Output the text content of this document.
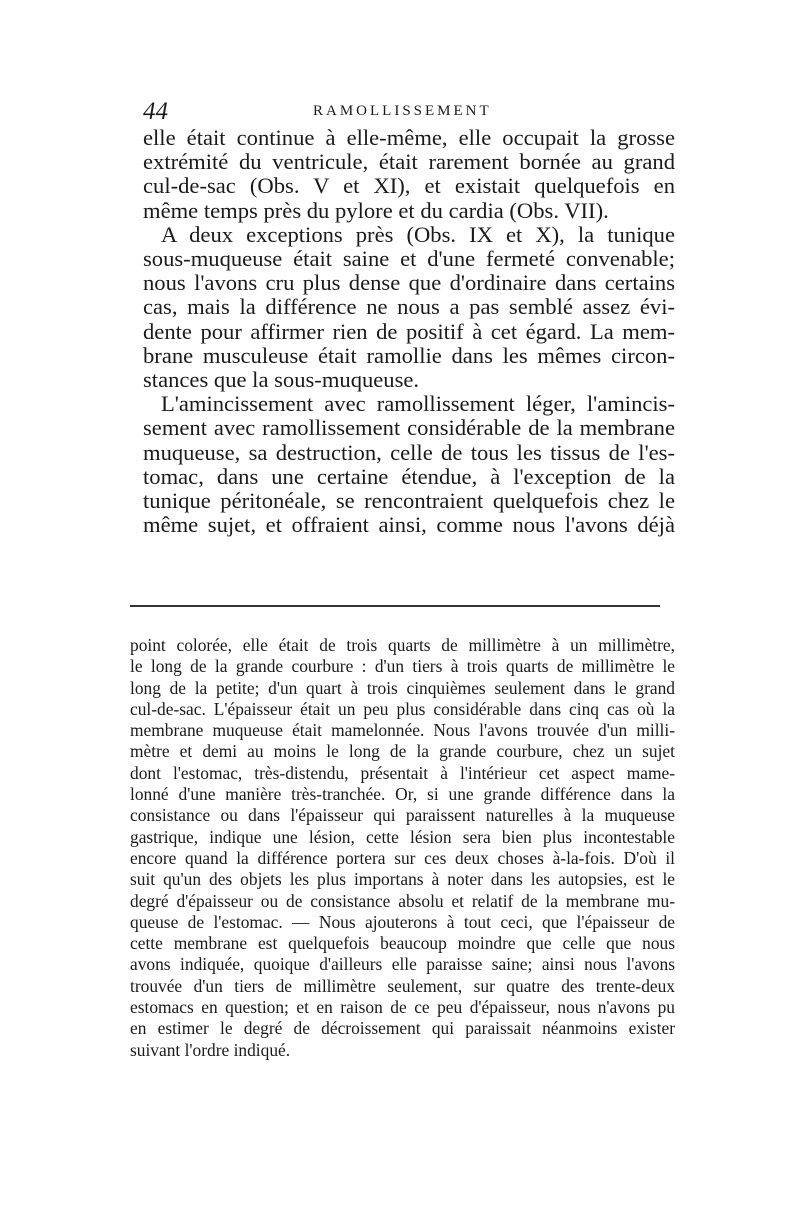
44	RAMOLLISSEMENT
elle était continue à elle-même, elle occupait la grosse
extrémité du ventricule, était rarement bornée au grand
cul-de-sac (Obs. V et XI), et existait quelquefois en
même temps près du pylore et du cardia (Obs. VII).
A deux exceptions près (Obs. IX et X), la tunique
sous-muqueuse était saine et d'une fermeté convenable;
nous l'avons cru plus dense que d'ordinaire dans certains
cas, mais la différence ne nous a pas semblé assez évi-
dente pour affirmer rien de positif à cet égard. La mem-
brane musculeuse était ramollie dans les mêmes circon-
stances que la sous-muqueuse.
L'amincissement avec ramollissement léger, l'amincis-
sement avec ramollissement considérable de la membrane
muqueuse, sa destruction, celle de tous les tissus de l'es-
tomac, dans une certaine étendue, à l'exception de la
tunique péritonéale, se rencontraient quelquefois chez le
même sujet, et offraient ainsi, comme nous l'avons déjà
point colorée, elle était de trois quarts de millimètre à un millimètre,
le long de la grande courbure : d'un tiers à trois quarts de millimètre le
long de la petite; d'un quart à trois cinquièmes seulement dans le grand
cul-de-sac. L'épaisseur était un peu plus considérable dans cinq cas où la
membrane muqueuse était mamelonnée. Nous l'avons trouvée d'un milli-
mètre et demi au moins le long de la grande courbure, chez un sujet
dont l'estomac, très-distendu, présentait à l'intérieur cet aspect mame-
lonné d'une manière très-tranchée. Or, si une grande différence dans la
consistance ou dans l'épaisseur qui paraissent naturelles à la muqueuse
gastrique, indique une lésion, cette lésion sera bien plus incontestable
encore quand la différence portera sur ces deux choses à-la-fois. D'où il
suit qu'un des objets les plus importans à noter dans les autopsies, est le
degré d'épaisseur ou de consistance absolu et relatif de la membrane mu-
queuse de l'estomac. — Nous ajouterons à tout ceci, que l'épaisseur de
cette membrane est quelquefois beaucoup moindre que celle que nous
avons indiquée, quoique d'ailleurs elle paraisse saine; ainsi nous l'avons
trouvée d'un tiers de millimètre seulement, sur quatre des trente-deux
estomacs en question; et en raison de ce peu d'épaisseur, nous n'avons pu
en estimer le degré de décroissement qui paraissait néanmoins exister
suivant l'ordre indiqué.
